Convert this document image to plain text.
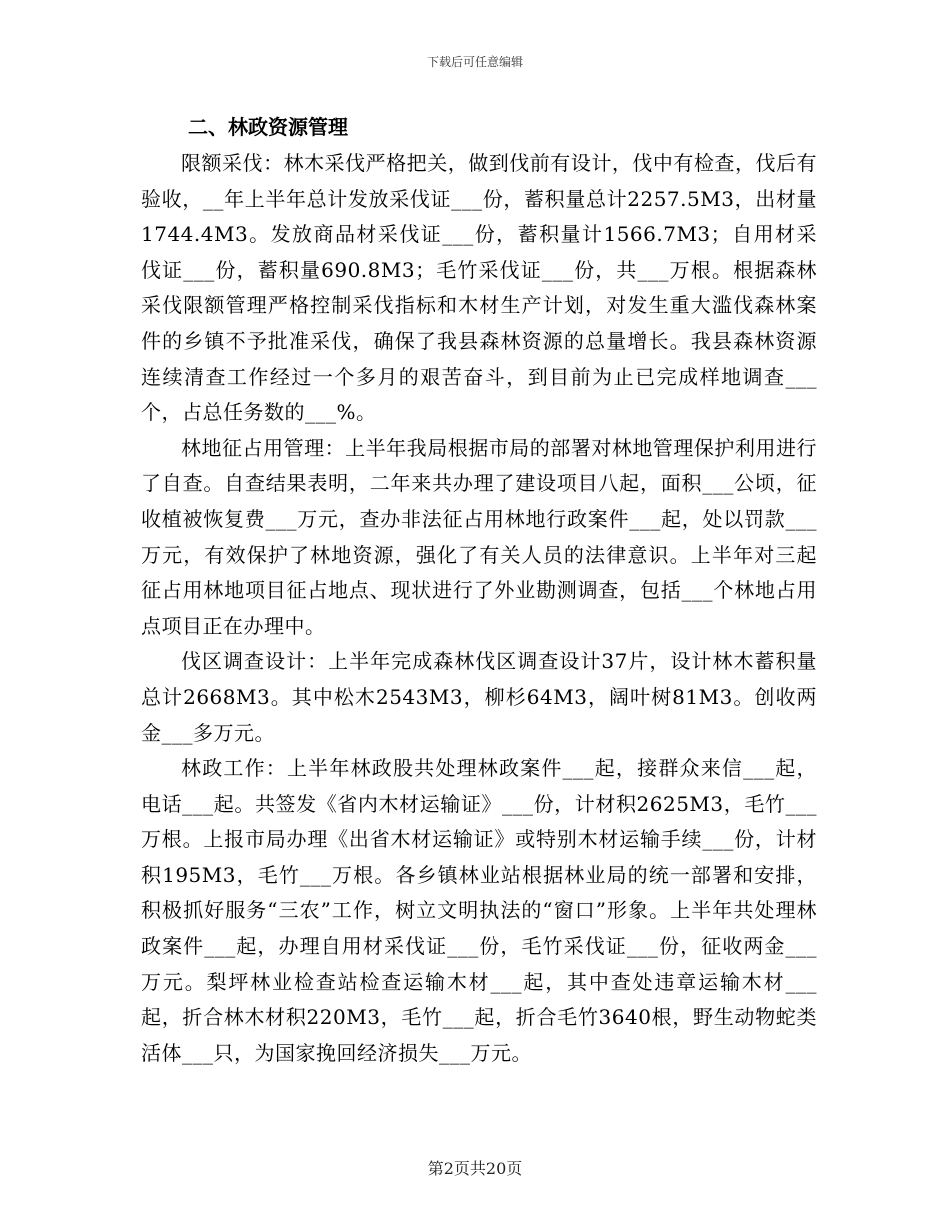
下载后可任意编辑
二、林政资源管理

限额采伐：林木采伐严格把关，做到伐前有设计，伐中有检查，伐后有验收，__年上半年总计发放采伐证___份，蓄积量总计2257.5M3，出材量1744.4M3。发放商品材采伐证___份，蓄积量计1566.7M3；自用材采伐证___份，蓄积量690.8M3；毛竹采伐证___份，共___万根。根据森林采伐限额管理严格控制采伐指标和木材生产计划，对发生重大滥伐森林案件的乡镇不予批准采伐，确保了我县森林资源的总量增长。我县森林资源连续清查工作经过一个多月的艰苦奋斗，到目前为止已完成样地调查___个，占总任务数的___%。

林地征占用管理：上半年我局根据市局的部署对林地管理保护利用进行了自查。自查结果表明，二年来共办理了建设项目八起，面积___公顷，征收植被恢复费___万元，查办非法征占用林地行政案件___起，处以罚款___万元，有效保护了林地资源，强化了有关人员的法律意识。上半年对三起征占用林地项目征占地点、现状进行了外业勘测调查，包括___个林地占用点项目正在办理中。

伐区调查设计：上半年完成森林伐区调查设计37片，设计林木蓄积量总计2668M3。其中松木2543M3，柳杉64M3，阔叶树81M3。创收两金___多万元。

林政工作：上半年林政股共处理林政案件___起，接群众来信___起，电话___起。共签发《省内木材运输证》___份，计材积2625M3，毛竹___万根。上报市局办理《出省木材运输证》或特别木材运输手续___份，计材积195M3，毛竹___万根。各乡镇林业站根据林业局的统一部署和安排，积极抓好服务“三农”工作，树立文明执法的“窗口”形象。上半年共处理林政案件___起，办理自用材采伐证___份，毛竹采伐证___份，征收两金___万元。梨坪林业检查站检查运输木材___起，其中查处违章运输木材___起，折合林木材积220M3，毛竹___起，折合毛竹3640根，野生动物蛇类活体___只，为国家挽回经济损失___万元。

第2页共20页
